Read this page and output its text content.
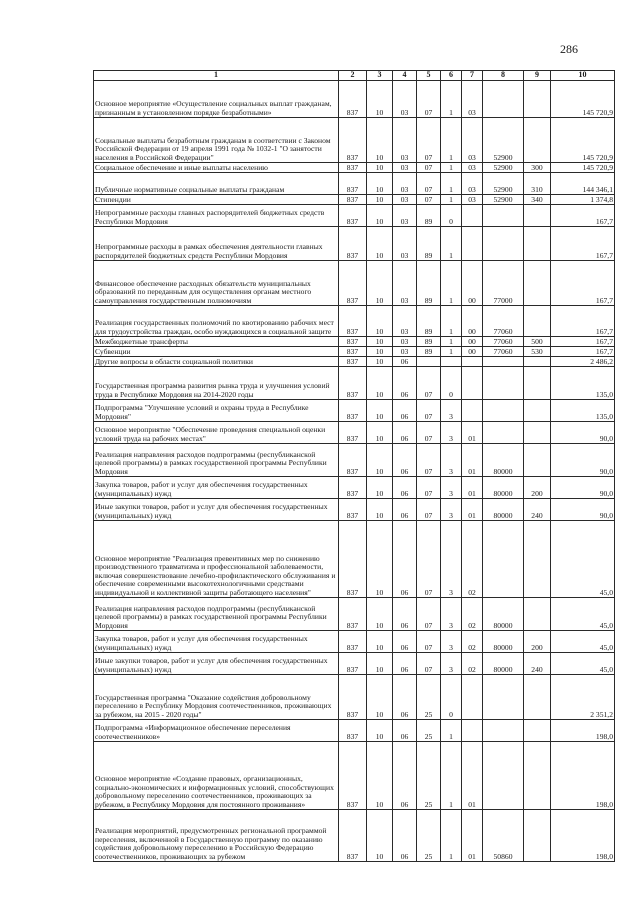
286
1	2	3	4	5	6	7	8	9	10
Основное мероприятие «Осуществление социальных выплат гражданам, признанным в установленном порядке безработными»	837	10	03	07	1	03			145 720,9
Социальные выплаты безработным гражданам в соответствии с Законом Российской Федерации от 19 апреля 1991 года № 1032-1 "О занятости населения в Российской Федерации"	837	10	03	07	1	03	52900		145 720,9
Социальное обеспечение и иные выплаты населению	837	10	03	07	1	03	52900	300	145 720,9
Публичные нормативные социальные выплаты гражданам	837	10	03	07	1	03	52900	310	144 346,1
Стипендии	837	10	03	07	1	03	52900	340	1 374,8
Непрограммные расходы главных распорядителей бюджетных средств Республики Мордовия	837	10	03	89	0				167,7
Непрограммные расходы в рамках обеспечения деятельности главных распорядителей бюджетных средств Республики Мордовия	837	10	03	89	1				167,7
Финансовое обеспечение расходных обязательств муниципальных образований по переданным для осуществления органам местного самоуправления государственным полномочиям	837	10	03	89	1	00	77000		167,7
Реализация государственных полномочий по квотированию рабочих мест для трудоустройства граждан, особо нуждающихся в социальной защите	837	10	03	89	1	00	77060		167,7
Межбюджетные трансферты	837	10	03	89	1	00	77060	500	167,7
Субвенции	837	10	03	89	1	00	77060	530	167,7
Другие вопросы в области социальной политики	837	10	06						2 486,2
Государственная программа развития рынка труда и улучшения условий труда в Республике Мордовия на 2014-2020 годы	837	10	06	07	0				135,0
Подпрограмма "Улучшение условий и охраны труда в Республике Мордовия"	837	10	06	07	3				135,0
Основное мероприятие "Обеспечение проведения специальной оценки условий труда на рабочих местах"	837	10	06	07	3	01			90,0
Реализация направления расходов подпрограммы (республиканской целевой программы) в рамках государственной программы Республики Мордовия	837	10	06	07	3	01	80000		90,0
Закупка товаров, работ и услуг для обеспечения государственных (муниципальных) нужд	837	10	06	07	3	01	80000	200	90,0
Иные закупки товаров, работ и услуг для обеспечения государственных (муниципальных) нужд	837	10	06	07	3	01	80000	240	90,0
Основное мероприятие "Реализация превентивных мер по снижению производственного травматизма и профессиональной заболеваемости, включая совершенствование лечебно-профилактического обслуживания и обеспечение современными высокотехнологичными средствами индивидуальной и коллективной защиты работающего населения"	837	10	06	07	3	02			45,0
Реализация направления расходов подпрограммы (республиканской целевой программы) в рамках государственной программы Республики Мордовия	837	10	06	07	3	02	80000		45,0
Закупка товаров, работ и услуг для обеспечения государственных (муниципальных) нужд	837	10	06	07	3	02	80000	200	45,0
Иные закупки товаров, работ и услуг для обеспечения государственных (муниципальных) нужд	837	10	06	07	3	02	80000	240	45,0
Государственная программа "Оказание содействия добровольному переселению в Республику Мордовия соотечественников, проживающих за рубежом, на 2015 - 2020 годы"	837	10	06	25	0				2 351,2
Подпрограмма «Информационное обеспечение переселения соотечественников»	837	10	06	25	1				198,0
Основное мероприятие «Создание правовых, организационных, социально-экономических и информационных условий, способствующих добровольному переселению соотечественников, проживающих за рубежом, в Республику Мордовия для постоянного проживания»	837	10	06	25	1	01			198,0
Реализация мероприятий, предусмотренных региональной программой переселения, включенной в Государственную программу по оказанию содействия добровольному переселению в Российскую Федерацию соотечественников, проживающих за рубежом	837	10	06	25	1	01	50860		198,0
